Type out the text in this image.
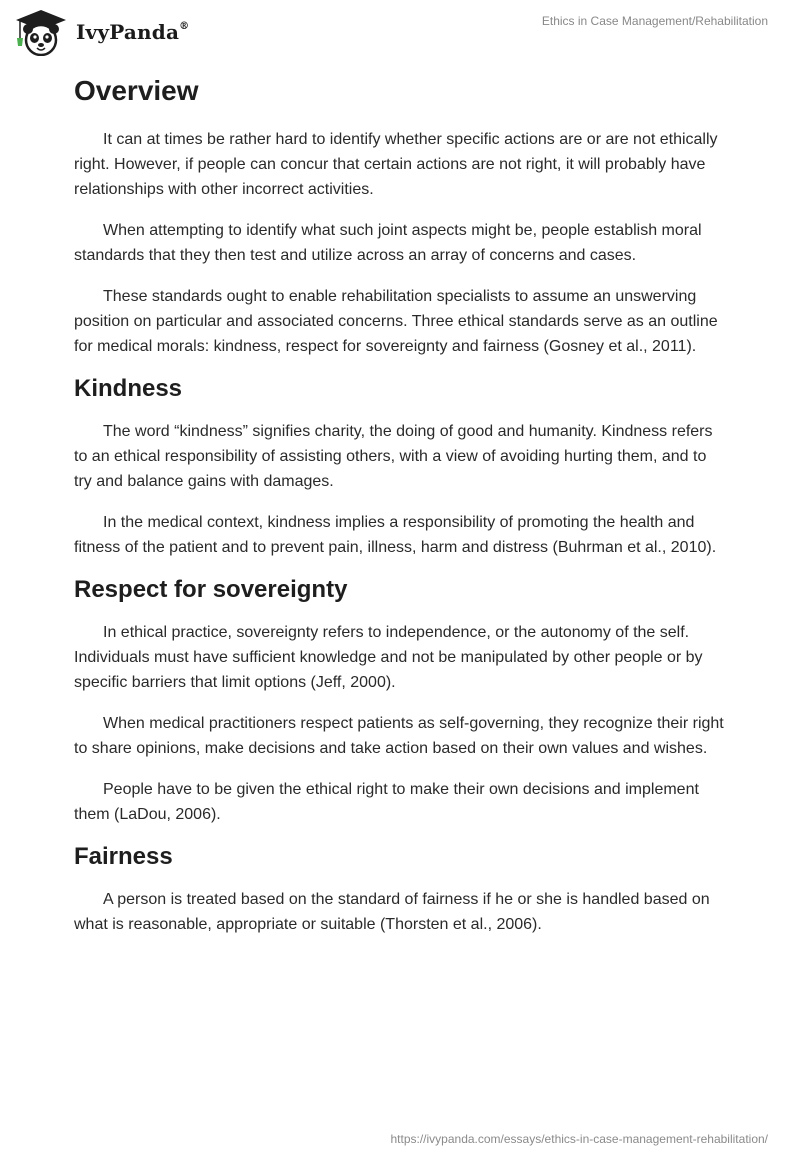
IvyPanda®	Ethics in Case Management/Rehabilitation
Overview

It can at times be rather hard to identify whether specific actions are or are not ethically right. However, if people can concur that certain actions are not right, it will probably have relationships with other incorrect activities.

When attempting to identify what such joint aspects might be, people establish moral standards that they then test and utilize across an array of concerns and cases.

These standards ought to enable rehabilitation specialists to assume an unswerving position on particular and associated concerns. Three ethical standards serve as an outline for medical morals: kindness, respect for sovereignty and fairness (Gosney et al., 2011).

Kindness

The word “kindness” signifies charity, the doing of good and humanity. Kindness refers to an ethical responsibility of assisting others, with a view of avoiding hurting them, and to try and balance gains with damages.

In the medical context, kindness implies a responsibility of promoting the health and fitness of the patient and to prevent pain, illness, harm and distress (Buhrman et al., 2010).

Respect for sovereignty

In ethical practice, sovereignty refers to independence, or the autonomy of the self. Individuals must have sufficient knowledge and not be manipulated by other people or by specific barriers that limit options (Jeff, 2000).

When medical practitioners respect patients as self-governing, they recognize their right to share opinions, make decisions and take action based on their own values and wishes.

People have to be given the ethical right to make their own decisions and implement them (LaDou, 2006).

Fairness

A person is treated based on the standard of fairness if he or she is handled based on what is reasonable, appropriate or suitable (Thorsten et al., 2006).

https://ivypanda.com/essays/ethics-in-case-management-rehabilitation/
